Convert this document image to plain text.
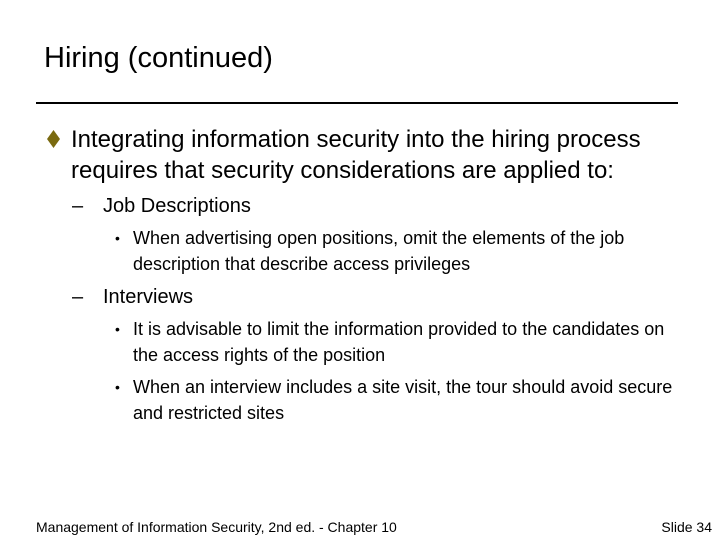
Hiring (continued)
Integrating information security into the hiring process requires that security considerations are applied to:
– Job Descriptions
• When advertising open positions, omit the elements of the job description that describe access privileges
– Interviews
• It is advisable to limit the information provided to the candidates on the access rights of the position
• When an interview includes a site visit, the tour should avoid secure and restricted sites
Management of Information Security, 2nd ed. - Chapter 10	Slide 34
